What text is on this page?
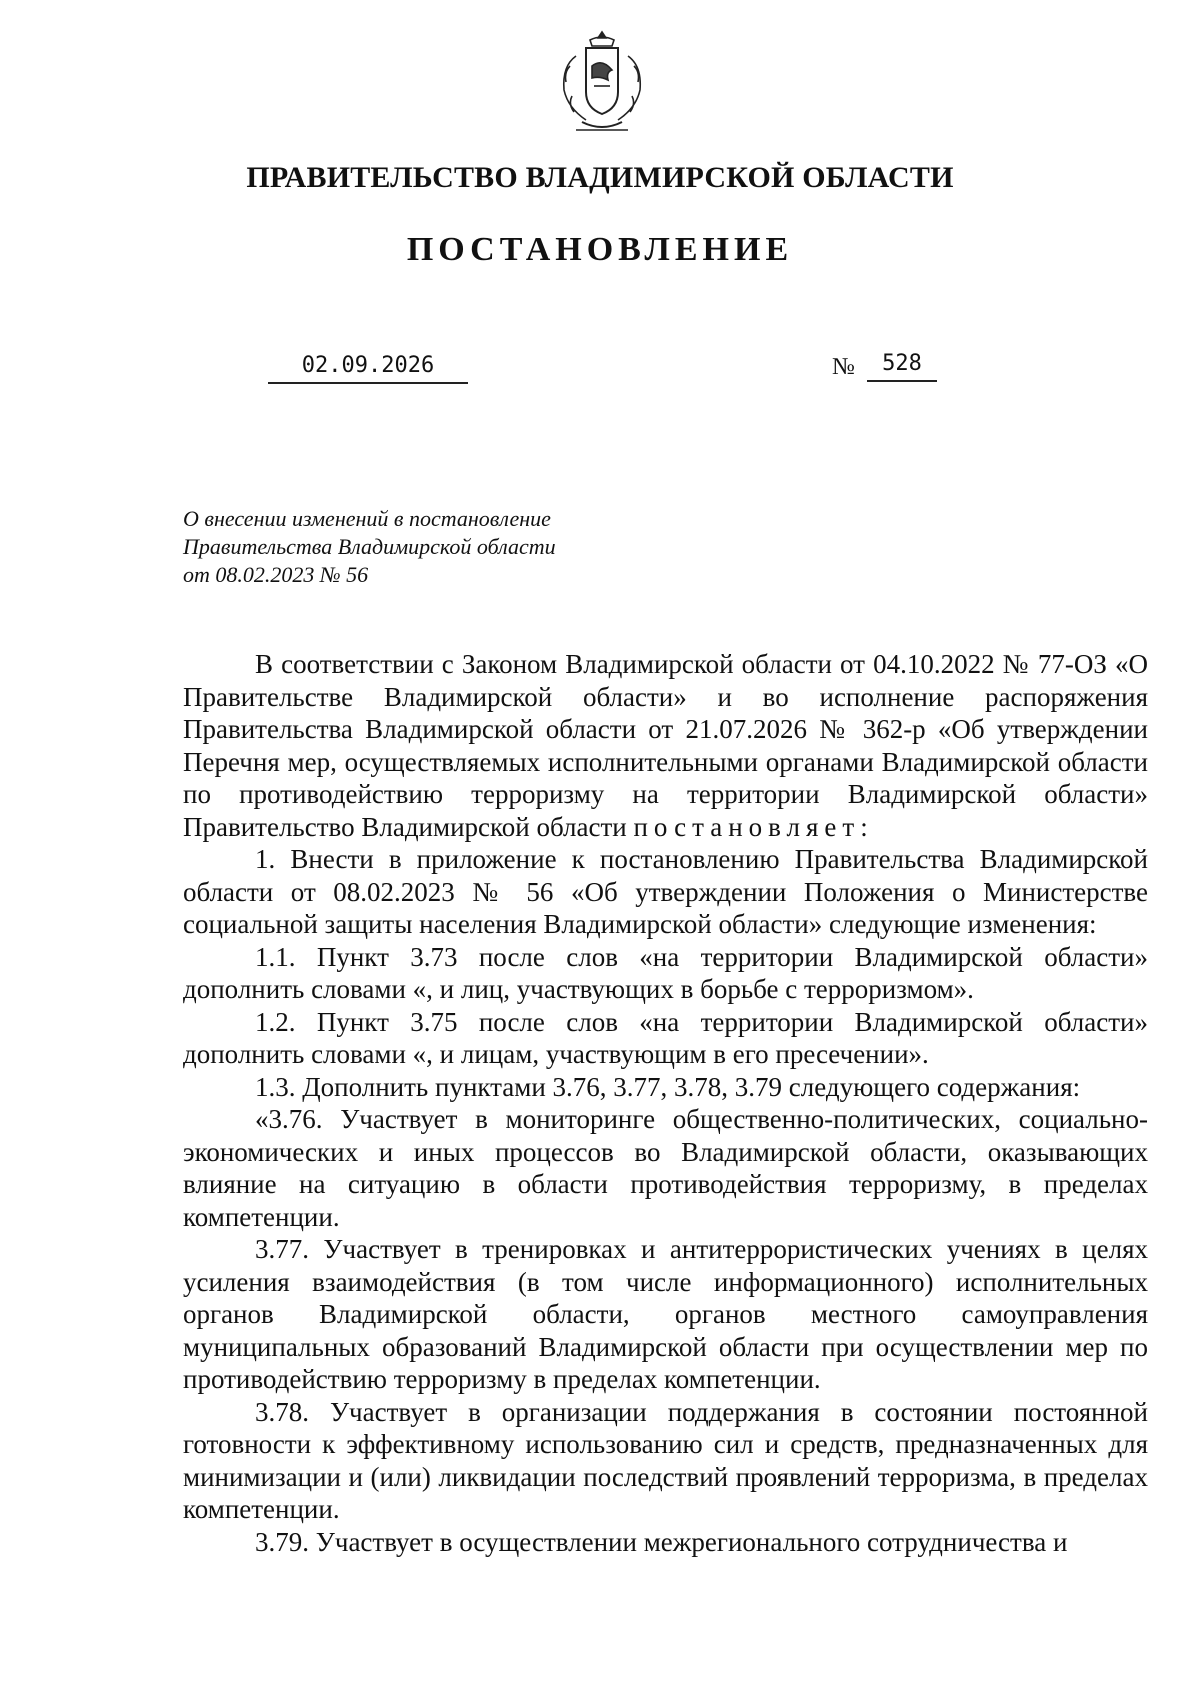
ПРАВИТЕЛЬСТВО ВЛАДИМИРСКОЙ ОБЛАСТИ
ПОСТАНОВЛЕНИЕ
02.09.2026	№	528
О внесении изменений в постановление
Правительства Владимирской области
от 08.02.2023 № 56

В соответствии с Законом Владимирской области от 04.10.2022 № 77-ОЗ «О Правительстве Владимирской области» и во исполнение распоряжения Правительства Владимирской области от 21.07.2026 № 362-р «Об утверждении Перечня мер, осуществляемых исполнительными органами Владимирской области по противодействию терроризму на территории Владимирской области» Правительство Владимирской области постановляет:

1. Внести в приложение к постановлению Правительства Владимирской области от 08.02.2023 № 56 «Об утверждении Положения о Министерстве социальной защиты населения Владимирской области» следующие изменения:

1.1. Пункт 3.73 после слов «на территории Владимирской области» дополнить словами «, и лиц, участвующих в борьбе с терроризмом».

1.2. Пункт 3.75 после слов «на территории Владимирской области» дополнить словами «, и лицам, участвующим в его пресечении».

1.3. Дополнить пунктами 3.76, 3.77, 3.78, 3.79 следующего содержания:

«3.76. Участвует в мониторинге общественно-политических, социально-экономических и иных процессов во Владимирской области, оказывающих влияние на ситуацию в области противодействия терроризму, в пределах компетенции.

3.77. Участвует в тренировках и антитеррористических учениях в целях усиления взаимодействия (в том числе информационного) исполнительных органов Владимирской области, органов местного самоуправления муниципальных образований Владимирской области при осуществлении мер по противодействию терроризму в пределах компетенции.

3.78. Участвует в организации поддержания в состоянии постоянной готовности к эффективному использованию сил и средств, предназначенных для минимизации и (или) ликвидации последствий проявлений терроризма, в пределах компетенции.

3.79. Участвует в осуществлении межрегионального сотрудничества и
